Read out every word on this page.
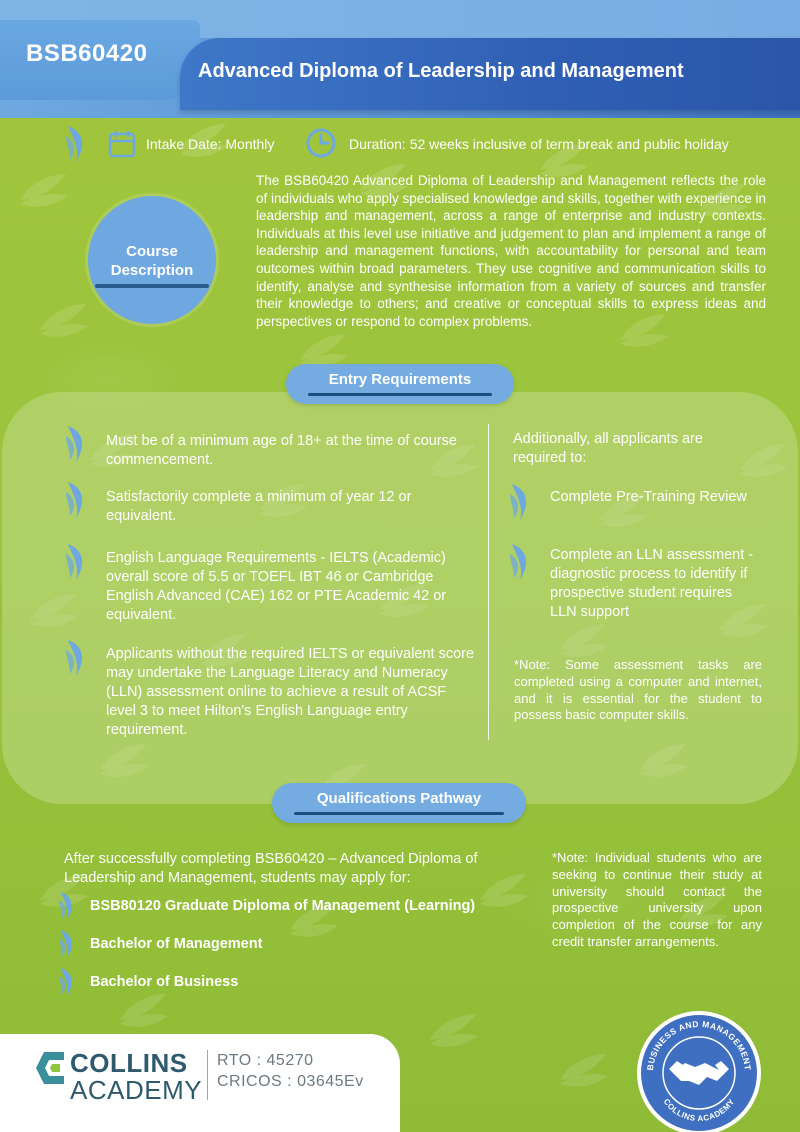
BSB60420
Advanced Diploma of Leadership and Management
Intake Date: Monthly	Duration: 52 weeks inclusive of term break and public holiday
Course Description
The BSB60420 Advanced Diploma of Leadership and Management reflects the role of individuals who apply specialised knowledge and skills, together with experience in leadership and management, across a range of enterprise and industry contexts. Individuals at this level use initiative and judgement to plan and implement a range of leadership and management functions, with accountability for personal and team outcomes within broad parameters. They use cognitive and communication skills to identify, analyse and synthesise information from a variety of sources and transfer their knowledge to others; and creative or conceptual skills to express ideas and perspectives or respond to complex problems.
Entry Requirements
Must be of a minimum age of 18+ at the time of course commencement.
Satisfactorily complete a minimum of year 12 or equivalent.
English Language Requirements - IELTS (Academic) overall score of 5.5 or TOEFL IBT 46 or Cambridge English Advanced (CAE) 162 or PTE Academic 42 or equivalent.
Applicants without the required IELTS or equivalent score may undertake the Language Literacy and Numeracy (LLN) assessment online to achieve a result of ACSF level 3 to meet Hilton's English Language entry requirement.
Additionally, all applicants are required to:
Complete Pre-Training Review
Complete an LLN assessment - diagnostic process to identify if prospective student requires LLN support
*Note: Some assessment tasks are completed using a computer and internet, and it is essential for the student to possess basic computer skills.
Qualifications Pathway
After successfully completing BSB60420 – Advanced Diploma of Leadership and Management, students may apply for:
BSB80120 Graduate Diploma of Management (Learning)
Bachelor of Management
Bachelor of Business
*Note: Individual students who are seeking to continue their study at university should contact the prospective university upon completion of the course for any credit transfer arrangements.
COLLINS
ACADEMY
RTO : 45270
CRICOS : 03645Ev
BUSINESS AND MANAGEMENT
COLLINS ACADEMY
